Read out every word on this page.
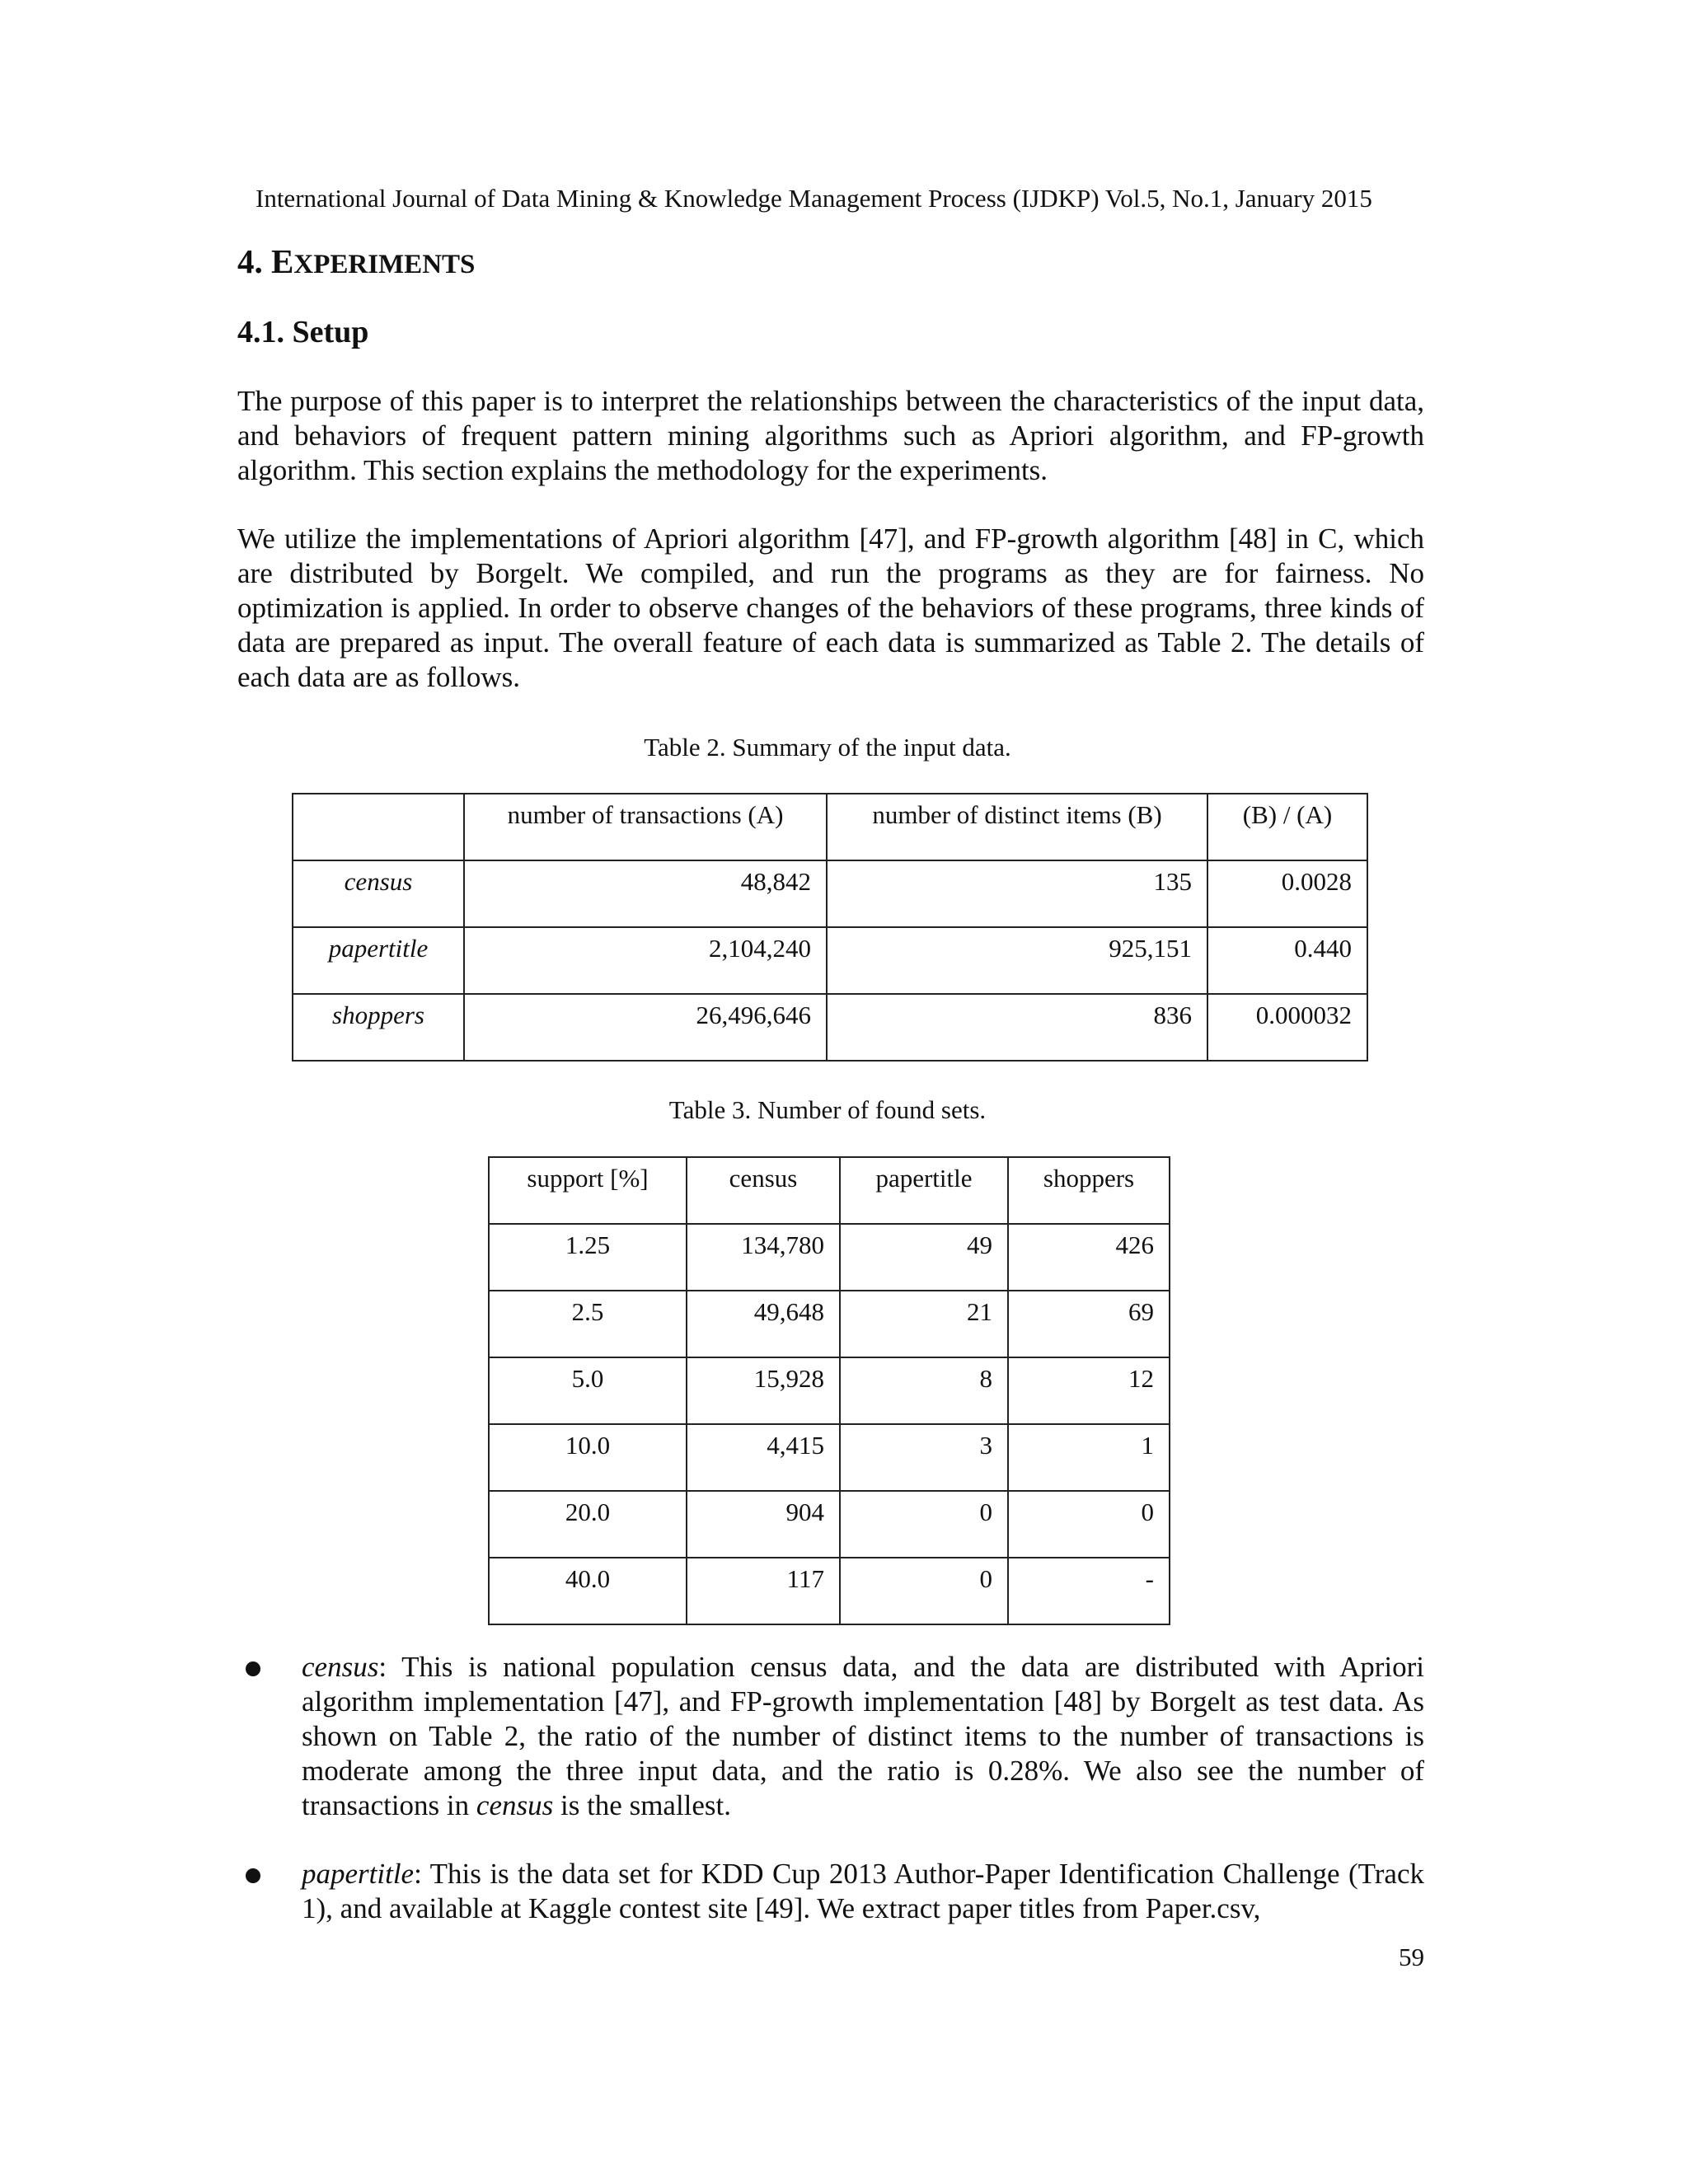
International Journal of Data Mining & Knowledge Management Process (IJDKP) Vol.5, No.1, January 2015
4. EXPERIMENTS
4.1. Setup

The purpose of this paper is to interpret the relationships between the characteristics of the input data, and behaviors of frequent pattern mining algorithms such as Apriori algorithm, and FP-growth algorithm. This section explains the methodology for the experiments.

We utilize the implementations of Apriori algorithm [47], and FP-growth algorithm [48] in C, which are distributed by Borgelt. We compiled, and run the programs as they are for fairness. No optimization is applied. In order to observe changes of the behaviors of these programs, three kinds of data are prepared as input. The overall feature of each data is summarized as Table 2. The details of each data are as follows.

Table 2. Summary of the input data.
	number of transactions (A)	number of distinct items (B)	(B) / (A)
census	48,842	135	0.0028
papertitle	2,104,240	925,151	0.440
shoppers	26,496,646	836	0.000032
Table 3. Number of found sets.
support [%]	census	papertitle	shoppers
1.25	134,780	49	426
2.5	49,648	21	69
5.0	15,928	8	12
10.0	4,415	3	1
20.0	904	0	0
40.0	117	0	-

census: This is national population census data, and the data are distributed with Apriori algorithm implementation [47], and FP-growth implementation [48] by Borgelt as test data. As shown on Table 2, the ratio of the number of distinct items to the number of transactions is moderate among the three input data, and the ratio is 0.28%. We also see the number of transactions in census is the smallest.

papertitle: This is the data set for KDD Cup 2013 Author-Paper Identification Challenge (Track 1), and available at Kaggle contest site [49]. We extract paper titles from Paper.csv,

59
